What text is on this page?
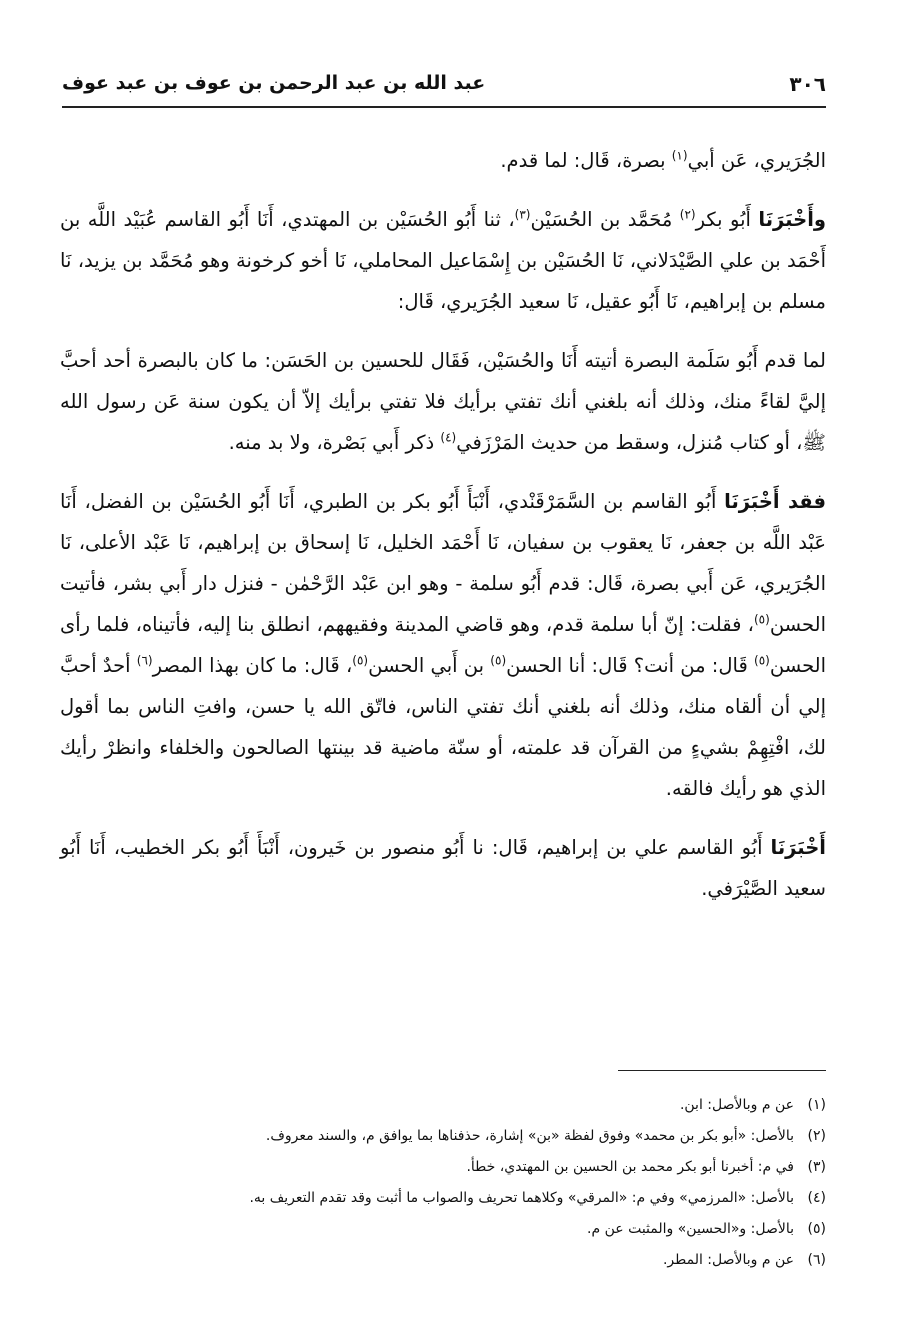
٣٠٦
عبد الله بن عبد الرحمن بن عوف بن عبد عوف

الجُرَيري، عَن أبي$^{(١)}$ بصرة، قَال: لما قدم.

وأَخْبَرَنَا أَبُو بكر$^{(٢)}$ مُحَمَّد بن الحُسَيْن$^{(٣)}$، ثنا أَبُو الحُسَيْن بن المهتدي، أَنَا أَبُو القاسم عُبَيْد اللَّه بن أَحْمَد بن علي الصَّيْدَلاني، نَا الحُسَيْن بن إِسْمَاعيل المحاملي، نَا أخو كرخونة وهو مُحَمَّد بن يزيد، نَا مسلم بن إبراهيم، نَا أَبُو عقيل، نَا سعيد الجُرَيري، قَال:

لما قدم أَبُو سَلَمة البصرة أتيته أَنَا والحُسَيْن، فَقَال للحسين بن الحَسَن: ما كان بالبصرة أحد أحبَّ إليَّ لقاءً منك، وذلك أنه بلغني أنك تفتي برأيك فلا تفتي برأيك إلاّ أن يكون سنة عَن رسول الله ﷺ، أو كتاب مُنزل، وسقط من حديث المَرْزَفي$^{(٤)}$ ذكر أَبي بَصْرة، ولا بد منه.

فقد أَخْبَرَنَا أَبُو القاسم بن السَّمَرْقَنْدي، أَنْبَأَ أَبُو بكر بن الطبري، أَنَا أَبُو الحُسَيْن بن الفضل، أَنَا عَبْد اللَّه بن جعفر، نَا يعقوب بن سفيان، نَا أَحْمَد الخليل، نَا إسحاق بن إبراهيم، نَا عَبْد الأعلى، نَا الجُرَيري، عَن أَبي بصرة، قَال: قدم أَبُو سلمة - وهو ابن عَبْد الرَّحْمٰن - فنزل دار أَبي بشر، فأتيت الحسن$^{(٥)}$، فقلت: إنّ أبا سلمة قدم، وهو قاضي المدينة وفقيههم، انطلق بنا إليه، فأتيناه، فلما رأى الحسن$^{(٥)}$ قَال: من أنت؟ قَال: أنا الحسن$^{(٥)}$ بن أَبي الحسن$^{(٥)}$، قَال: ما كان بهذا المصر$^{(٦)}$ أحدٌ أحبَّ إلي أن ألقاه منك، وذلك أنه بلغني أنك تفتي الناس، فاتّق الله يا حسن، وافتِ الناس بما أقول لك، افْتِهِمْ بشيءٍ من القرآن قد علمته، أو سنّة ماضية قد بينتها الصالحون والخلفاء وانظرْ رأيك الذي هو رأيك فالقه.

أَخْبَرَنَا أَبُو القاسم علي بن إبراهيم، قَال: نا أَبُو منصور بن خَيرون، أَنْبَأَ أَبُو بكر الخطيب، أَنَا أَبُو سعيد الصَّيْرَفي.

(١)عن م وبالأصل: ابن.
(٢)بالأصل: «أبو بكر بن محمد» وفوق لفظة «بن» إشارة، حذفناها بما يوافق م، والسند معروف.
(٣)في م: أخبرنا أبو بكر محمد بن الحسين بن المهتدي، خطأ.
(٤)بالأصل: «المرزمي» وفي م: «المرقي» وكلاهما تحريف والصواب ما أثبت وقد تقدم التعريف به.
(٥)بالأصل: و«الحسين» والمثبت عن م.
(٦)عن م وبالأصل: المطر.
